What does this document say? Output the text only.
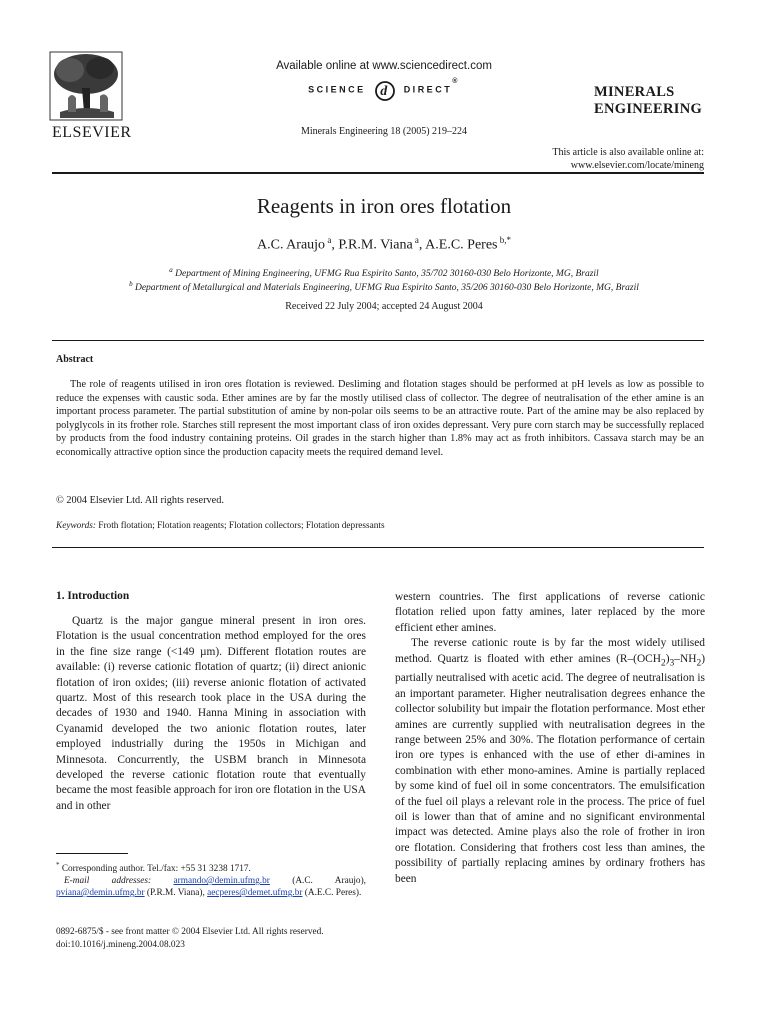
ELSEVIER
Available online at www.sciencedirect.com
SCIENCE d DIRECT®
Minerals Engineering 18 (2005) 219–224
MINERALS
ENGINEERING
This article is also available online at:
www.elsevier.com/locate/mineng
Reagents in iron ores flotation
A.C. Araujo $^a$, P.R.M. Viana $^a$, A.E.C. Peres $^{b,*}$
$^a$ Department of Mining Engineering, UFMG Rua Espirito Santo, 35/702 30160-030 Belo Horizonte, MG, Brazil
$^b$ Department of Metallurgical and Materials Engineering, UFMG Rua Espirito Santo, 35/206 30160-030 Belo Horizonte, MG, Brazil
Received 22 July 2004; accepted 24 August 2004
Abstract

The role of reagents utilised in iron ores flotation is reviewed. Desliming and flotation stages should be performed at pH levels as low as possible to reduce the expenses with caustic soda. Ether amines are by far the mostly utilised class of collector. The degree of neutralisation of the ether amine is an important process parameter. The partial substitution of amine by non-polar oils seems to be an attractive route. Part of the amine may be also replaced by polyglycols in its frother role. Starches still represent the most important class of iron oxides depressant. Very pure corn starch may be successfully replaced by products from the food industry containing proteins. Oil grades in the starch higher than 1.8% may act as froth inhibitors. Cassava starch may be an economically attractive option since the production capacity meets the required demand level.

© 2004 Elsevier Ltd. All rights reserved.
Keywords: Froth flotation; Flotation reagents; Flotation collectors; Flotation depressants
1. Introduction

Quartz is the major gangue mineral present in iron ores. Flotation is the usual concentration method employed for the ores in the fine size range (<149 µm). Different flotation routes are available: (i) reverse cationic flotation of quartz; (ii) direct anionic flotation of iron oxides; (iii) reverse anionic flotation of activated quartz. Most of this research took place in the USA during the decades of 1930 and 1940. Hanna Mining in association with Cyanamid developed the two anionic flotation routes, later employed industrially during the 1950s in Michigan and Minnesota. Concurrently, the USBM branch in Minnesota developed the reverse cationic flotation route that eventually became the most feasible approach for iron ore flotation in the USA and in other

western countries. The first applications of reverse cationic flotation relied upon fatty amines, later replaced by the more efficient ether amines.

The reverse cationic route is by far the most widely utilised method. Quartz is floated with ether amines $(R-(OCH_2)_3-NH_2)$ partially neutralised with acetic acid. The degree of neutralisation is an important parameter. Higher neutralisation degrees enhance the collector solubility but impair the flotation performance. Most ether amines are currently supplied with neutralisation degrees in the range between 25% and 30%. The flotation performance of certain iron ore types is enhanced with the use of ether di-amines in combination with ether mono-amines. Amine is partially replaced by some kind of fuel oil in some concentrators. The emulsification of the fuel oil plays a relevant role in the process. The price of fuel oil is lower than that of amine and no significant environmental impact was detected. Amine plays also the role of frother in iron ore flotation. Considering that frothers cost less than amines, the possibility of partially replacing amines by ordinary frothers has been

* Corresponding author. Tel./fax: +55 31 3238 1717.
E-mail addresses: armando@demin.ufmg.br (A.C. Araujo), pviana@demin.ufmg.br (P.R.M. Viana), aecperes@demet.ufmg.br (A.E.C. Peres).
0892-6875/$ - see front matter © 2004 Elsevier Ltd. All rights reserved.
doi:10.1016/j.mineng.2004.08.023
